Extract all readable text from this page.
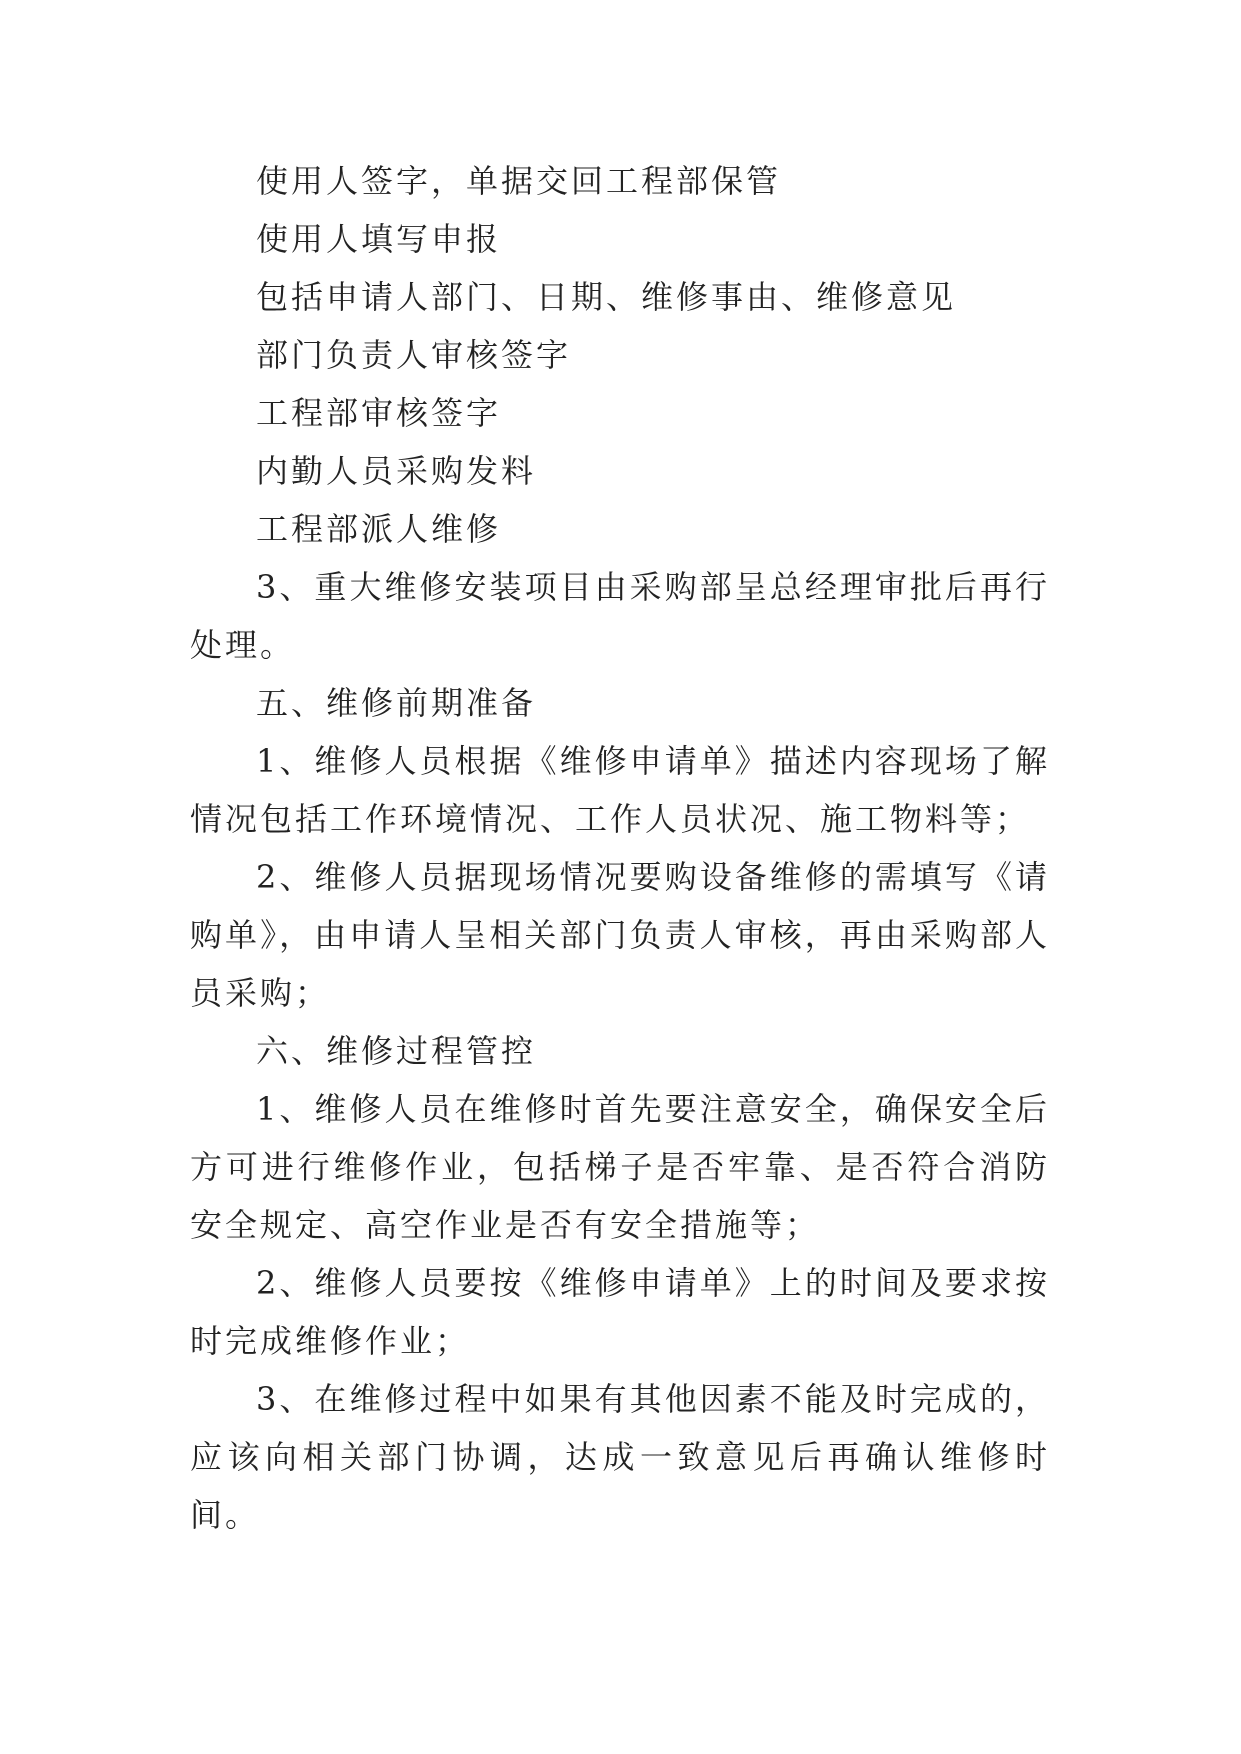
使用人签字，单据交回工程部保管

使用人填写申报

包括申请人部门、日期、维修事由、维修意见

部门负责人审核签字

工程部审核签字

内勤人员采购发料

工程部派人维修

3、重大维修安装项目由采购部呈总经理审批后再行处理。

五、维修前期准备

1、维修人员根据《维修申请单》描述内容现场了解情况包括工作环境情况、工作人员状况、施工物料等；

2、维修人员据现场情况要购设备维修的需填写《请购单》，由申请人呈相关部门负责人审核，再由采购部人员采购；

六、维修过程管控

1、维修人员在维修时首先要注意安全，确保安全后方可进行维修作业，包括梯子是否牢靠、是否符合消防安全规定、高空作业是否有安全措施等；

2、维修人员要按《维修申请单》上的时间及要求按时完成维修作业；

3、在维修过程中如果有其他因素不能及时完成的，应该向相关部门协调，达成一致意见后再确认维修时间。
